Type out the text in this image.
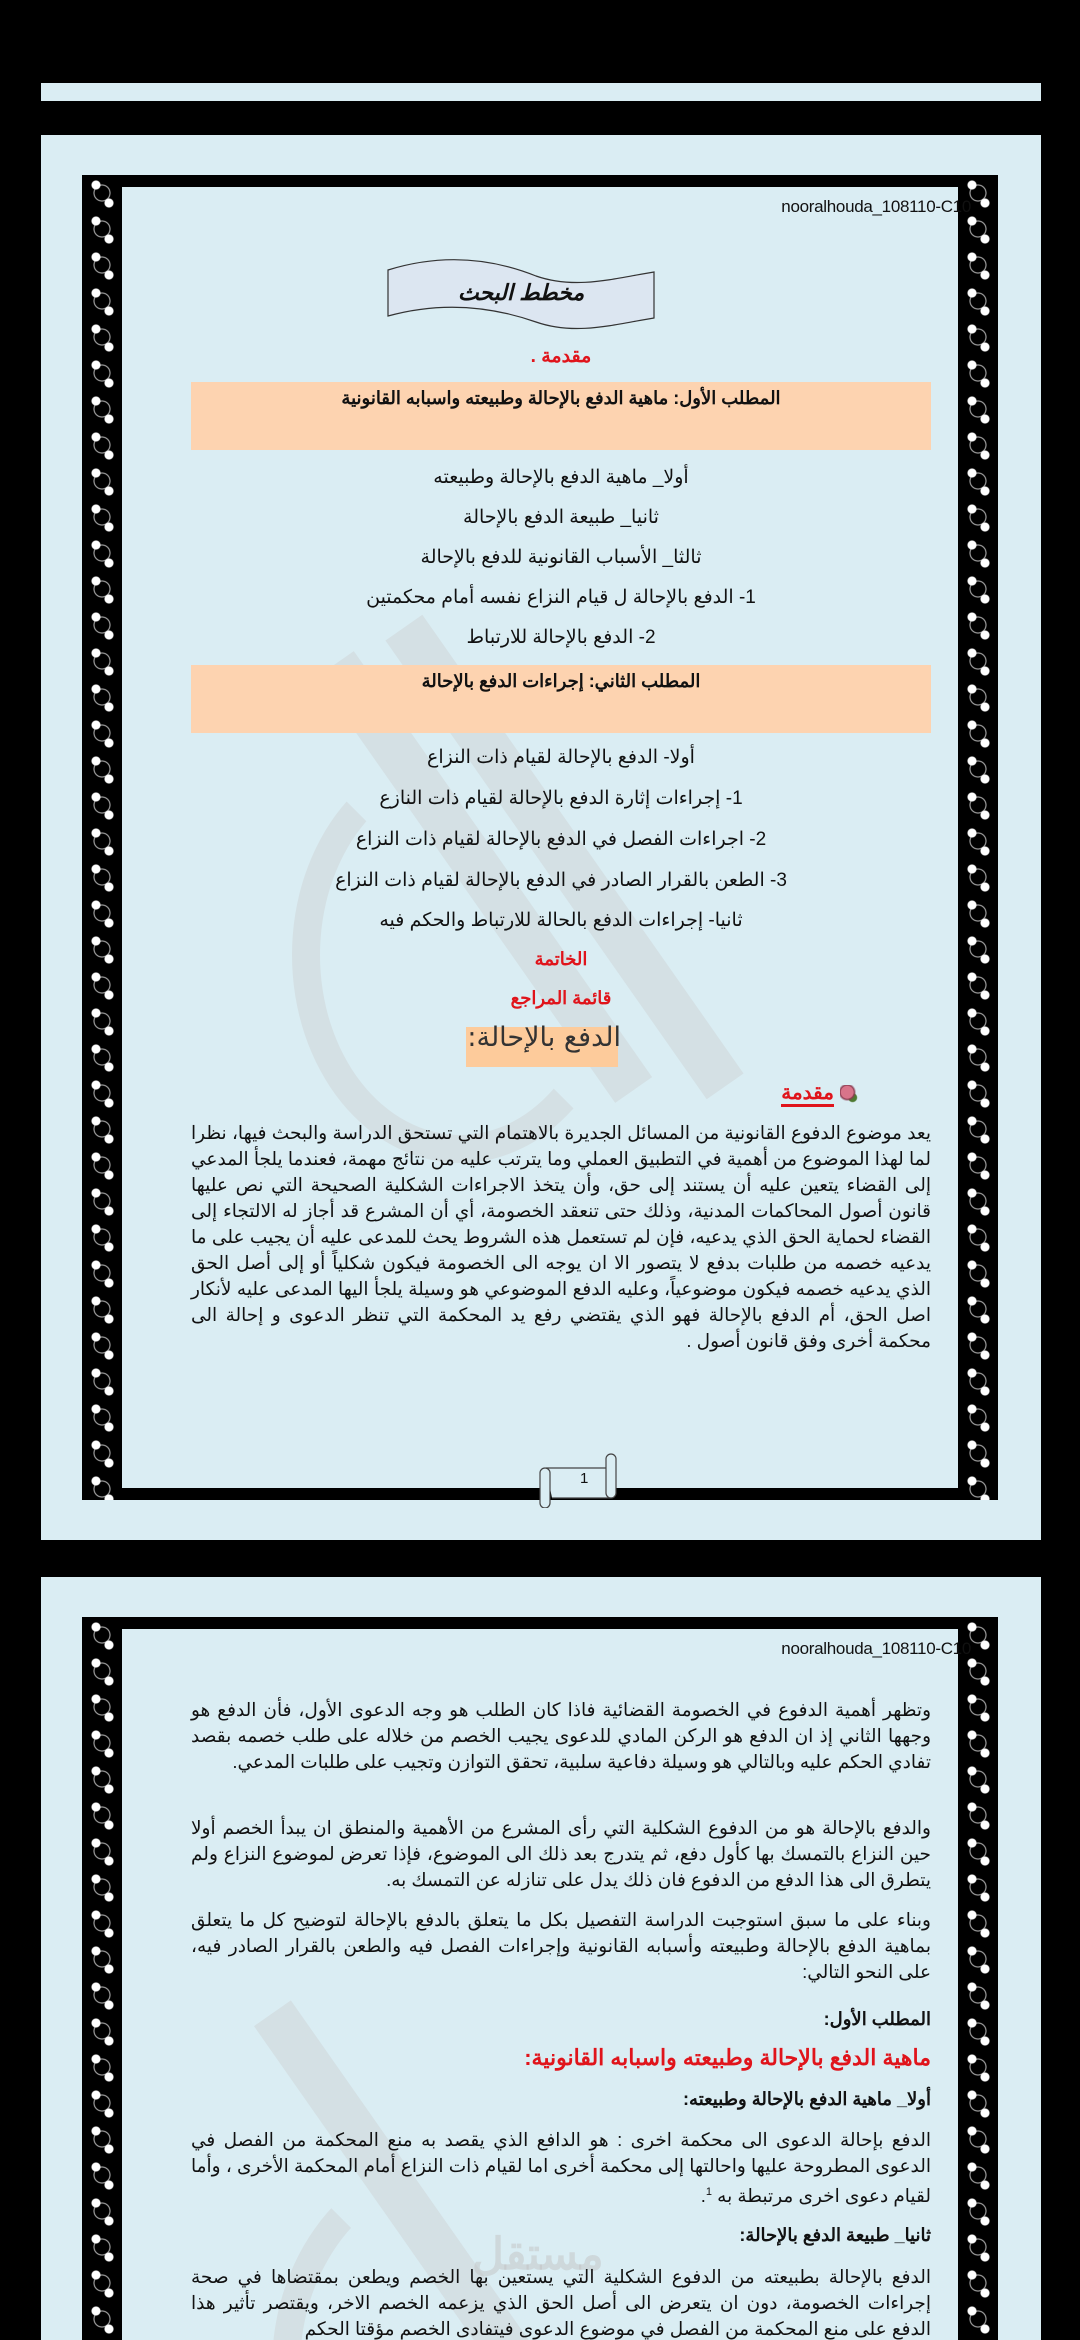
nooralhouda_108110-C10
مخطط البحث
مقدمة .
المطلب الأول: ماهية الدفع بالإحالة وطبيعته واسبابه القانونية
أولا_ ماهية الدفع بالإحالة وطبيعته
ثانيا_ طبيعة الدفع بالإحالة
ثالثا_ الأسباب القانونية للدفع بالإحالة
1- الدفع بالإحالة ل قيام النزاع نفسه أمام محكمتين
2- الدفع بالإحالة للارتباط
المطلب الثاني: إجراءات الدفع بالإحالة
أولا- الدفع بالإحالة لقيام ذات النزاع
1- إجراءات إثارة الدفع بالإحالة لقيام ذات النازع
2- اجراءات الفصل في الدفع بالإحالة لقيام ذات النزاع
3- الطعن بالقرار الصادر في الدفع بالإحالة لقيام ذات النزاع
ثانيا- إجراءات الدفع بالحالة للارتباط والحكم فيه
الخاتمة
قائمة المراجع
الدفع بالإحالة:
مقدمة
يعد موضوع الدفوع القانونية من المسائل الجديرة بالاهتمام التي تستحق الدراسة والبحث فيها، نظرا لما لهذا الموضوع من أهمية في التطبيق العملي وما يترتب عليه من نتائج مهمة، فعندما يلجأ المدعي إلى القضاء يتعين عليه أن يستند إلى حق، وأن يتخذ الاجراءات الشكلية الصحيحة التي نص عليها قانون أصول المحاكمات المدنية، وذلك حتى تنعقد الخصومة، أي أن المشرع قد أجاز له الالتجاء إلى القضاء لحماية الحق الذي يدعيه، فإن لم تستعمل هذه الشروط يحث للمدعى عليه أن يجيب على ما يدعيه خصمه من طلبات بدفع لا يتصور الا ان يوجه الى الخصومة فيكون شكلياً أو إلى أصل الحق الذي يدعيه خصمه فيكون موضوعياً، وعليه الدفع الموضوعي هو وسيلة يلجأ اليها المدعى عليه لأنكار اصل الحق، أم الدفع بالإحالة فهو الذي يقتضي رفع يد المحكمة التي تنظر الدعوى و إحالة الى محكمة أخرى وفق قانون أصول .
1
مستقل
nooralhouda_108110-C10
وتظهر أهمية الدفوع في الخصومة القضائية فاذا كان الطلب هو وجه الدعوى الأول، فأن الدفع هو وجهها الثاني إذ ان الدفع هو الركن المادي للدعوى يجيب الخصم من خلاله على طلب خصمه بقصد تفادي الحكم عليه وبالتالي هو وسيلة دفاعية سلبية، تحقق التوازن وتجيب على طلبات المدعي.
والدفع بالإحالة هو من الدفوع الشكلية التي رأى المشرع من الأهمية والمنطق ان يبدأ الخصم أولا حين النزاع بالتمسك بها كأول دفع، ثم يتدرج بعد ذلك الى الموضوع، فإذا تعرض لموضوع النزاع ولم يتطرق الى هذا الدفع من الدفوع فان ذلك يدل على تنازله عن التمسك به.
وبناء على ما سبق استوجبت الدراسة التفصيل بكل ما يتعلق بالدفع بالإحالة لتوضيح كل ما يتعلق بماهية الدفع بالإحالة وطبيعته وأسبابه القانونية وإجراءات الفصل فيه والطعن بالقرار الصادر فيه، على النحو التالي:
المطلب الأول:
ماهية الدفع بالإحالة وطبيعته واسبابه القانونية:
أولا_ ماهية الدفع بالإحالة وطبيعته:
الدفع بإحالة الدعوى الى محكمة اخرى : هو الدافع الذي يقصد به منع المحكمة من الفصل في الدعوى المطروحة عليها واحالتها إلى محكمة أخرى اما لقيام ذات النزاع أمام المحكمة الأخرى ، وأما لقيام دعوى اخرى مرتبطة به $^1$.
ثانيا_ طبيعة الدفع بالإحالة:
الدفع بالإحالة بطبيعته من الدفوع الشكلية التي يستعين بها الخصم ويطعن بمقتضاها في صحة إجراءات الخصومة، دون ان يتعرض الى أصل الحق الذي يزعمه الخصم الاخر، ويقتصر تأثير هذا الدفع على منع المحكمة من الفصل في موضوع الدعوى فيتفادى الخصم مؤقتا الحكم
